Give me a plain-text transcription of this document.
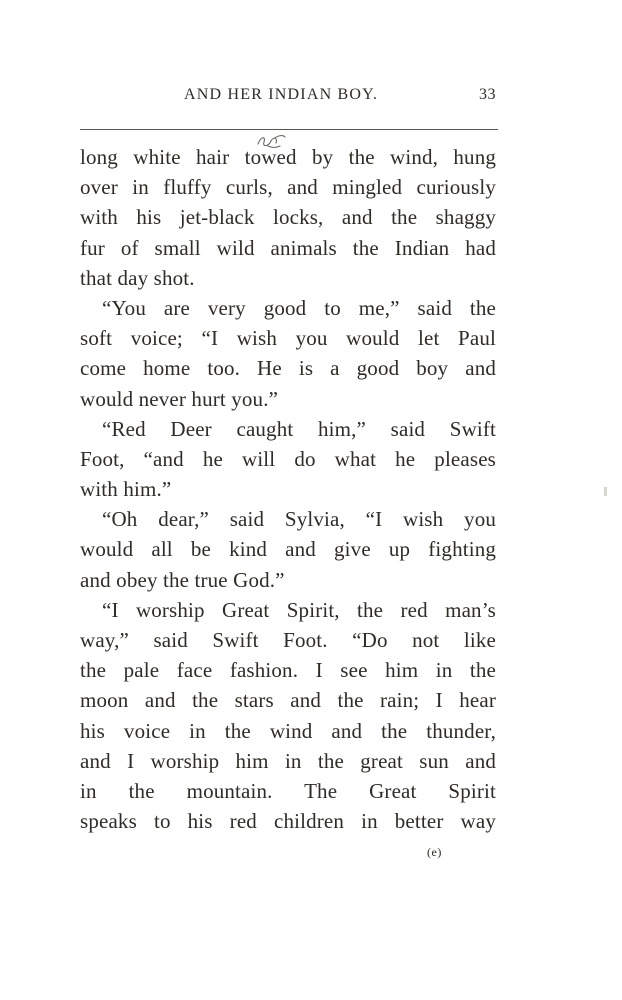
AND HER INDIAN BOY.	33
long white hair towed by the wind, hung
over in fluffy curls, and mingled curiously
with his jet-black locks, and the shaggy
fur of small wild animals the Indian had
that day shot.
“You are very good to me,” said the
soft voice; “I wish you would let Paul
come home too. He is a good boy and
would never hurt you.”
“Red Deer caught him,” said Swift
Foot, “and he will do what he pleases
with him.”
“Oh dear,” said Sylvia, “I wish you
would all be kind and give up fighting
and obey the true God.”
“I worship Great Spirit, the red man’s
way,” said Swift Foot. “Do not like
the pale face fashion. I see him in the
moon and the stars and the rain; I hear
his voice in the wind and the thunder,
and I worship him in the great sun and
in the mountain. The Great Spirit
speaks to his red children in better way
(e)
